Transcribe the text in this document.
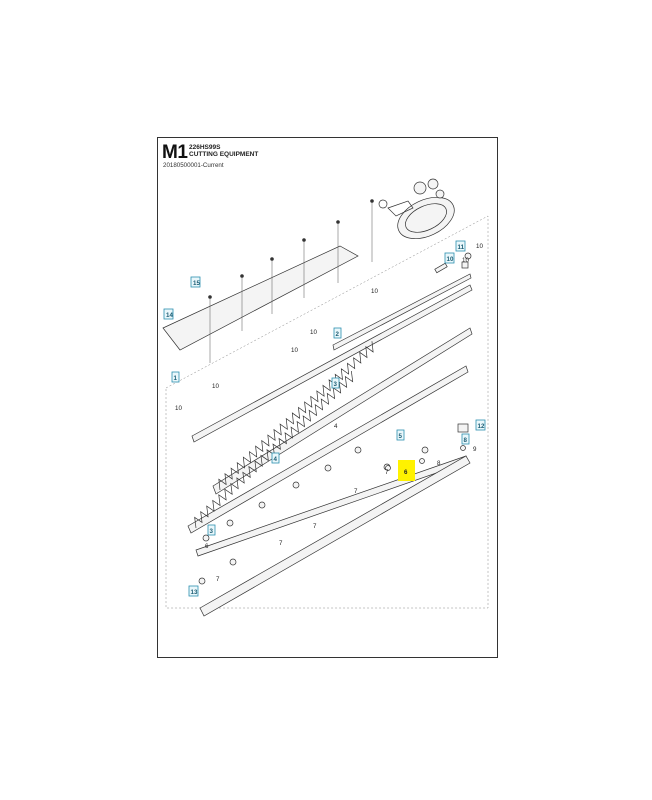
M1 226HS99S
CUTTING EQUIPMENT
20180500001-Current
15
14
1
2
3
4
5
6
3
11
10
12
8
13
10
10
10
10
10
10
10
4
6
7
7
7
7
7
9
8
